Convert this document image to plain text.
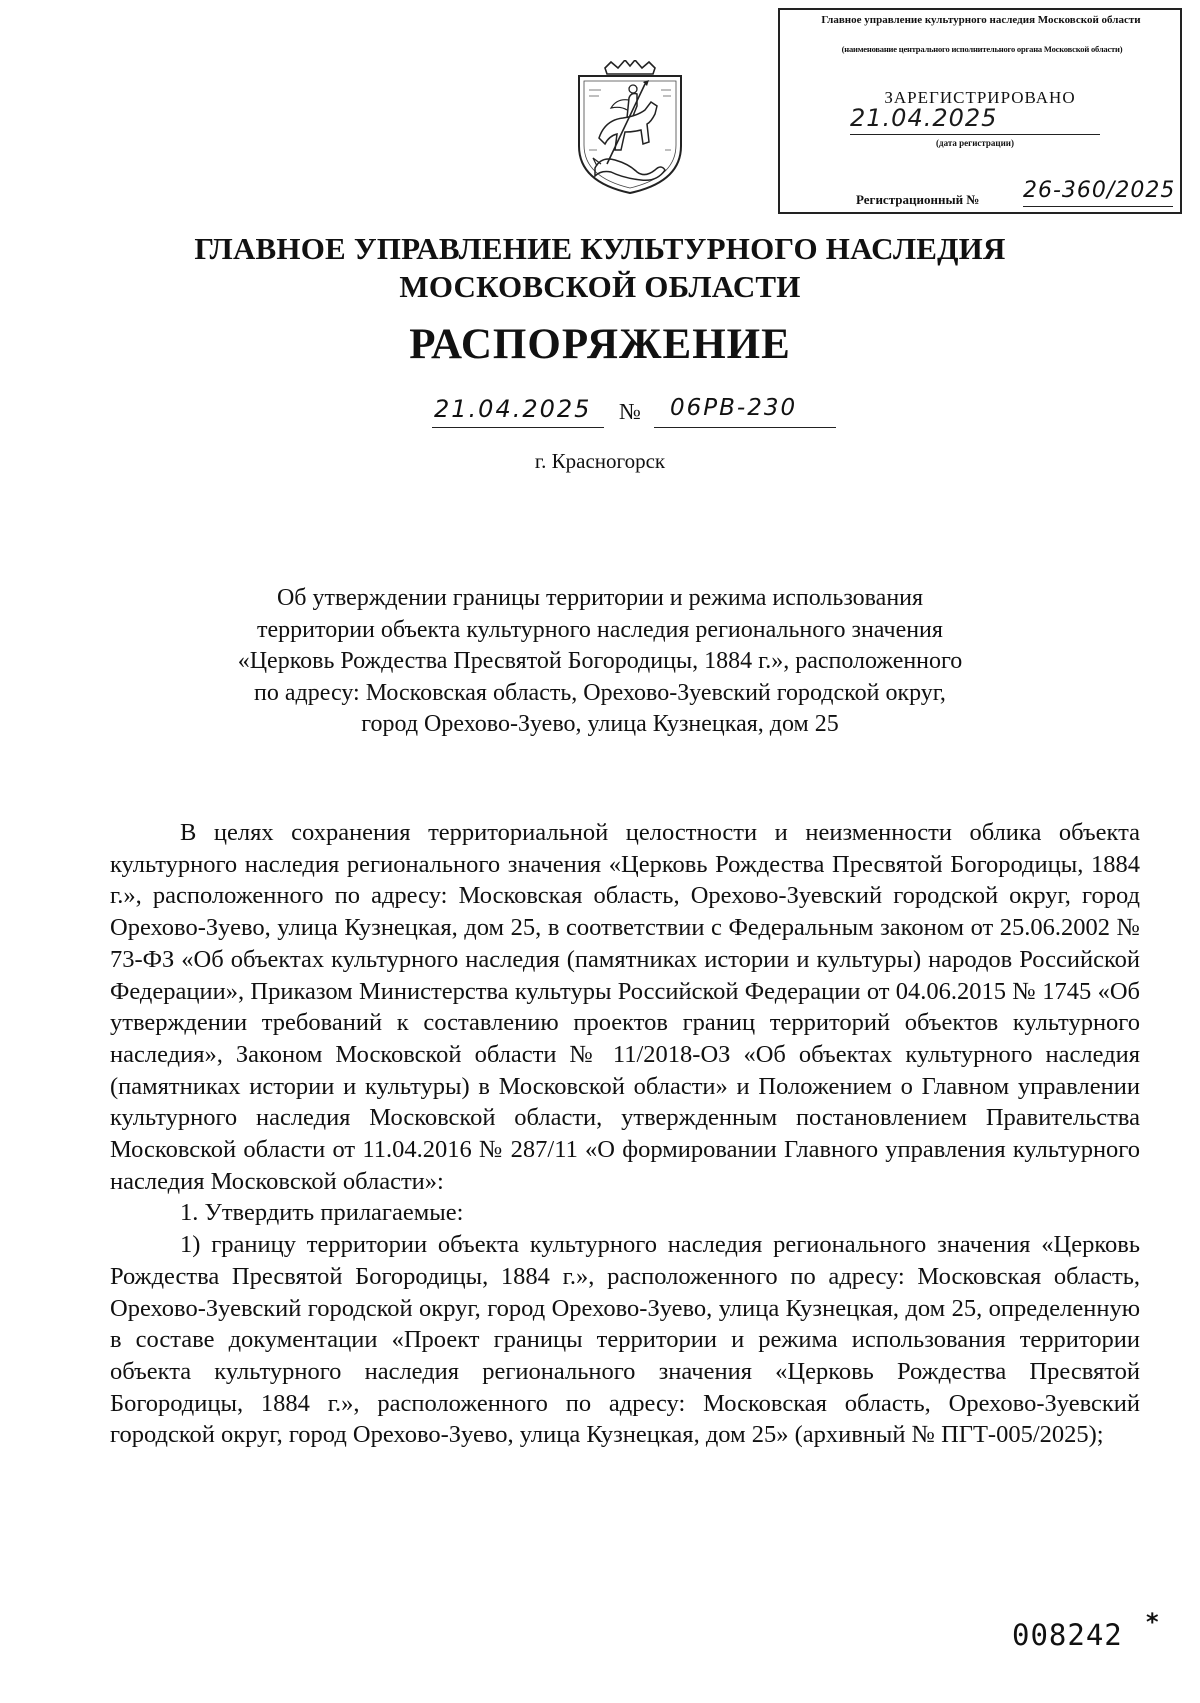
Главное управление культурного наследия Московской области
(наименование центрального исполнительного органа Московской области)
ЗАРЕГИСТРИРОВАНО
21.04.2025
(дата регистрации)
Регистрационный № 26-360/2025
ГЛАВНОЕ УПРАВЛЕНИЕ КУЛЬТУРНОГО НАСЛЕДИЯ
МОСКОВСКОЙ ОБЛАСТИ
РАСПОРЯЖЕНИЕ
21.04.2025	№ 06РВ-230
г. Красногорск
Об утверждении границы территории и режима использования
территории объекта культурного наследия регионального значения
«Церковь Рождества Пресвятой Богородицы, 1884 г.», расположенного
по адресу: Московская область, Орехово-Зуевский городской округ,
город Орехово-Зуево, улица Кузнецкая, дом 25

В целях сохранения территориальной целостности и неизменности облика объекта культурного наследия регионального значения «Церковь Рождества Пресвятой Богородицы, 1884 г.», расположенного по адресу: Московская область, Орехово-Зуевский городской округ, город Орехово-Зуево, улица Кузнецкая, дом 25, в соответствии с Федеральным законом от 25.06.2002 № 73-ФЗ «Об объектах культурного наследия (памятниках истории и культуры) народов Российской Федерации», Приказом Министерства культуры Российской Федерации от 04.06.2015 № 1745 «Об утверждении требований к составлению проектов границ территорий объектов культурного наследия», Законом Московской области № 11/2018-ОЗ «Об объектах культурного наследия (памятниках истории и культуры) в Московской области» и Положением о Главном управлении культурного наследия Московской области, утвержденным постановлением Правительства Московской области от 11.04.2016 № 287/11 «О формировании Главного управления культурного наследия Московской области»:

1. Утвердить прилагаемые:

1) границу территории объекта культурного наследия регионального значения «Церковь Рождества Пресвятой Богородицы, 1884 г.», расположенного по адресу: Московская область, Орехово-Зуевский городской округ, город Орехово-Зуево, улица Кузнецкая, дом 25, определенную в составе документации «Проект границы территории и режима использования территории объекта культурного наследия регионального значения «Церковь Рождества Пресвятой Богородицы, 1884 г.», расположенного по адресу: Московская область, Орехово-Зуевский городской округ, город Орехово-Зуево, улица Кузнецкая, дом 25» (архивный № ПГТ-005/2025);

008242 *
